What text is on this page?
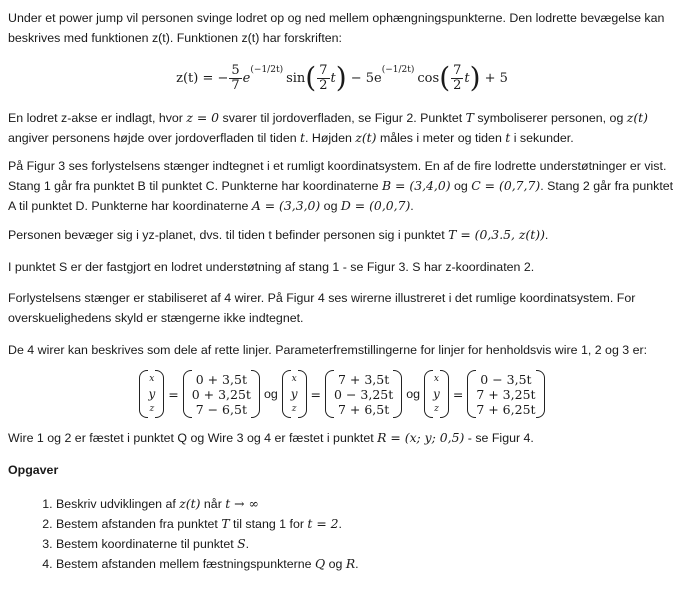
Under et power jump vil personen svinge lodret op og ned mellem ophængningspunkterne. Den lodrette bevægelse kan beskrives med funktionen z(t). Funktionen z(t) har forskriften:

z(t) = − $\frac{5}{7}$ e
(−1/2t)
sin ( $\frac{7}{2}$ t ) − 5e
(−1/2t)
cos ( $\frac{7}{2}$ t ) + 5

En lodret z-akse er indlagt, hvor z = 0 svarer til jordoverfladen, se Figur 2. Punktet T symboliserer personen, og z(t) angiver personens højde over jordoverfladen til tiden t. Højden z(t) måles i meter og tiden t i sekunder.

På Figur 3 ses forlystelsens stænger indtegnet i et rumligt koordinatsystem. En af de fire lodrette understøtninger er vist. Stang 1 går fra punktet B til punktet C. Punkterne har koordinaterne B = (3,4,0) og C = (0,7,7). Stang 2 går fra punktet A til punktet D. Punkterne har koordinaterne A = (3,3,0) og D = (0,0,7).

Personen bevæger sig i yz-planet, dvs. til tiden t befinder personen sig i punktet T = (0,3.5, z(t)).

I punktet S er der fastgjort en lodret understøtning af stang 1 - se Figur 3. S har z-koordinaten 2.

Forlystelsens stænger er stabiliseret af 4 wirer. På Figur 4 ses wirerne illustreret i det rumlige koordinatsystem. For overskuelighedens skyld er stængerne ikke indtegnet.

De 4 wirer kan beskrives som dele af rette linjer. Parameterfremstillingerne for linjer for henholdsvis wire 1, 2 og 3 er:

x
y
z
=
0 + 3,5t
0 + 3,25t
7 − 6,5t
og
x
y
z
=
7 + 3,5t
0 − 3,25t
7 + 6,5t
og
x
y
z
=
0 − 3,5t
7 + 3,25t
7 + 6,25t

Wire 1 og 2 er fæstet i punktet Q og Wire 3 og 4 er fæstet i punktet R = (x; y; 0,5) - se Figur 4.

Opgaver

1. Beskriv udviklingen af z(t) når t → ∞
2. Bestem afstanden fra punktet T til stang 1 for t = 2.
3. Bestem koordinaterne til punktet S.
4. Bestem afstanden mellem fæstningspunkterne Q og R.
